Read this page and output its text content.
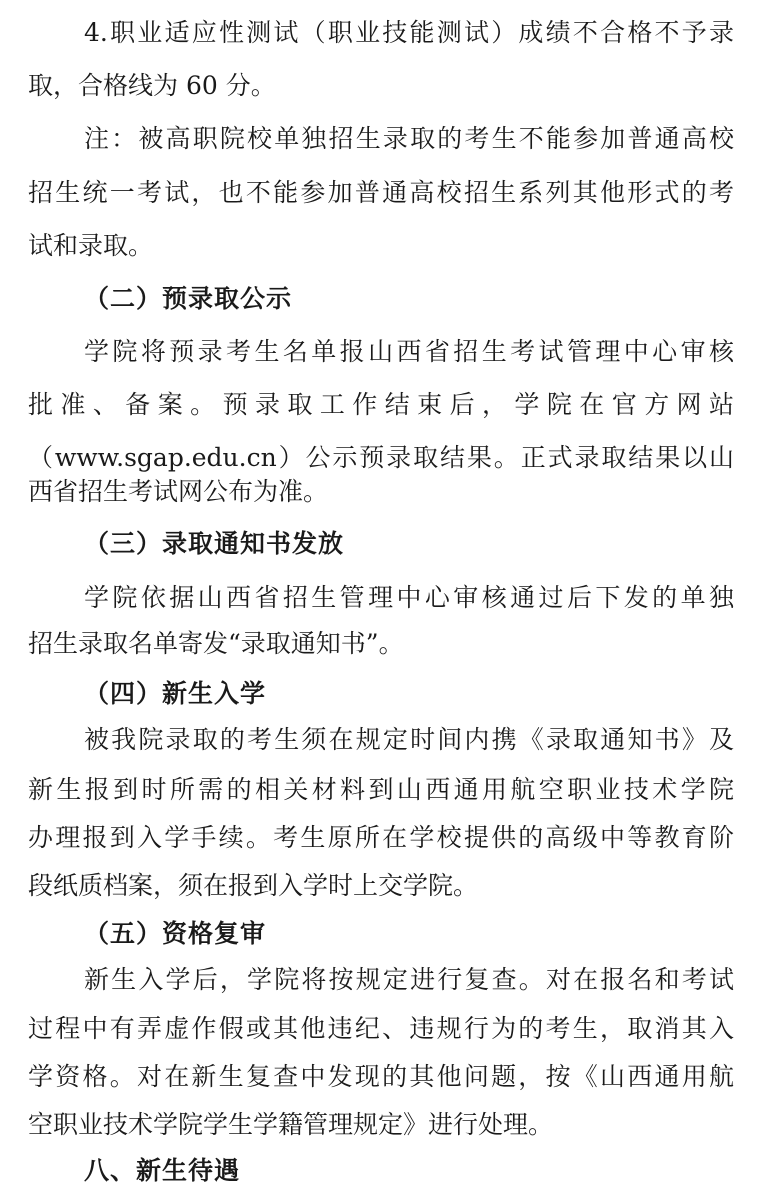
4.职业适应性测试（职业技能测试）成绩不合格不予录
取，合格线为 60 分。
注：被高职院校单独招生录取的考生不能参加普通高校
招生统一考试，也不能参加普通高校招生系列其他形式的考
试和录取。
（二）预录取公示
学院将预录考生名单报山西省招生考试管理中心审核
批准、备案。预录取工作结束后，学院在官方网站
（www.sgap.edu.cn）公示预录取结果。正式录取结果以山
西省招生考试网公布为准。
（三）录取通知书发放
学院依据山西省招生管理中心审核通过后下发的单独
招生录取名单寄发“录取通知书”。
（四）新生入学
被我院录取的考生须在规定时间内携《录取通知书》及
新生报到时所需的相关材料到山西通用航空职业技术学院
办理报到入学手续。考生原所在学校提供的高级中等教育阶
段纸质档案，须在报到入学时上交学院。
（五）资格复审
新生入学后，学院将按规定进行复查。对在报名和考试
过程中有弄虚作假或其他违纪、违规行为的考生，取消其入
学资格。对在新生复查中发现的其他问题，按《山西通用航
空职业技术学院学生学籍管理规定》进行处理。
八、新生待遇
